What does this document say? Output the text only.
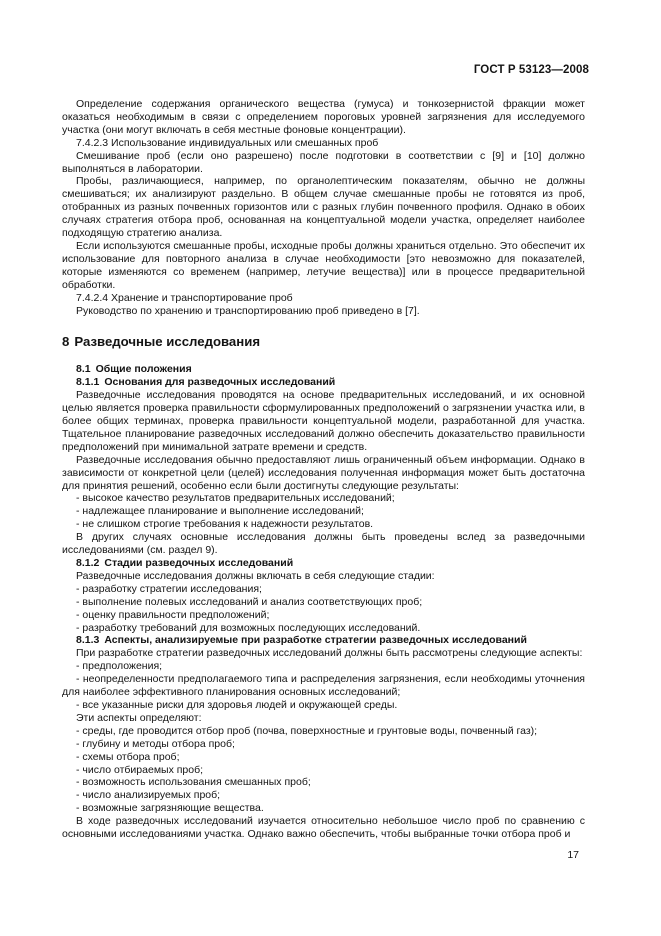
ГОСТ Р 53123—2008

Определение содержания органического вещества (гумуса) и тонкозернистой фракции может оказаться необходимым в связи с определением пороговых уровней загрязнения для исследуемого участка (они могут включать в себя местные фоновые концентрации).

7.4.2.3 Использование индивидуальных или смешанных проб

Смешивание проб (если оно разрешено) после подготовки в соответствии с [9] и [10] должно выполняться в лаборатории.

Пробы, различающиеся, например, по органолептическим показателям, обычно не должны смешиваться; их анализируют раздельно. В общем случае смешанные пробы не готовятся из проб, отобранных из разных почвенных горизонтов или с разных глубин почвенного профиля. Однако в обоих случаях стратегия отбора проб, основанная на концептуальной модели участка, определяет наиболее подходящую стратегию анализа.

Если используются смешанные пробы, исходные пробы должны храниться отдельно. Это обеспечит их использование для повторного анализа в случае необходимости [это невозможно для показателей, которые изменяются со временем (например, летучие вещества)] или в процессе предварительной обработки.

7.4.2.4 Хранение и транспортирование проб

Руководство по хранению и транспортированию проб приведено в [7].

8 Разведочные исследования

8.1 Общие положения

8.1.1 Основания для разведочных исследований

Разведочные исследования проводятся на основе предварительных исследований, и их основной целью является проверка правильности сформулированных предположений о загрязнении участка или, в более общих терминах, проверка правильности концептуальной модели, разработанной для участка. Тщательное планирование разведочных исследований должно обеспечить доказательство правильности предположений при минимальной затрате времени и средств.

Разведочные исследования обычно предоставляют лишь ограниченный объем информации. Однако в зависимости от конкретной цели (целей) исследования полученная информация может быть достаточна для принятия решений, особенно если были достигнуты следующие результаты:

- высокое качество результатов предварительных исследований;

- надлежащее планирование и выполнение исследований;

- не слишком строгие требования к надежности результатов.

В других случаях основные исследования должны быть проведены вслед за разведочными исследованиями (см. раздел 9).

8.1.2 Стадии разведочных исследований

Разведочные исследования должны включать в себя следующие стадии:

- разработку стратегии исследования;

- выполнение полевых исследований и анализ соответствующих проб;

- оценку правильности предположений;

- разработку требований для возможных последующих исследований.

8.1.3 Аспекты, анализируемые при разработке стратегии разведочных исследований

При разработке стратегии разведочных исследований должны быть рассмотрены следующие аспекты:

- предположения;

- неопределенности предполагаемого типа и распределения загрязнения, если необходимы уточнения для наиболее эффективного планирования основных исследований;

- все указанные риски для здоровья людей и окружающей среды.

Эти аспекты определяют:

- среды, где проводится отбор проб (почва, поверхностные и грунтовые воды, почвенный газ);

- глубину и методы отбора проб;

- схемы отбора проб;

- число отбираемых проб;

- возможность использования смешанных проб;

- число анализируемых проб;

- возможные загрязняющие вещества.

В ходе разведочных исследований изучается относительно небольшое число проб по сравнению с основными исследованиями участка. Однако важно обеспечить, чтобы выбранные точки отбора проб и

17
